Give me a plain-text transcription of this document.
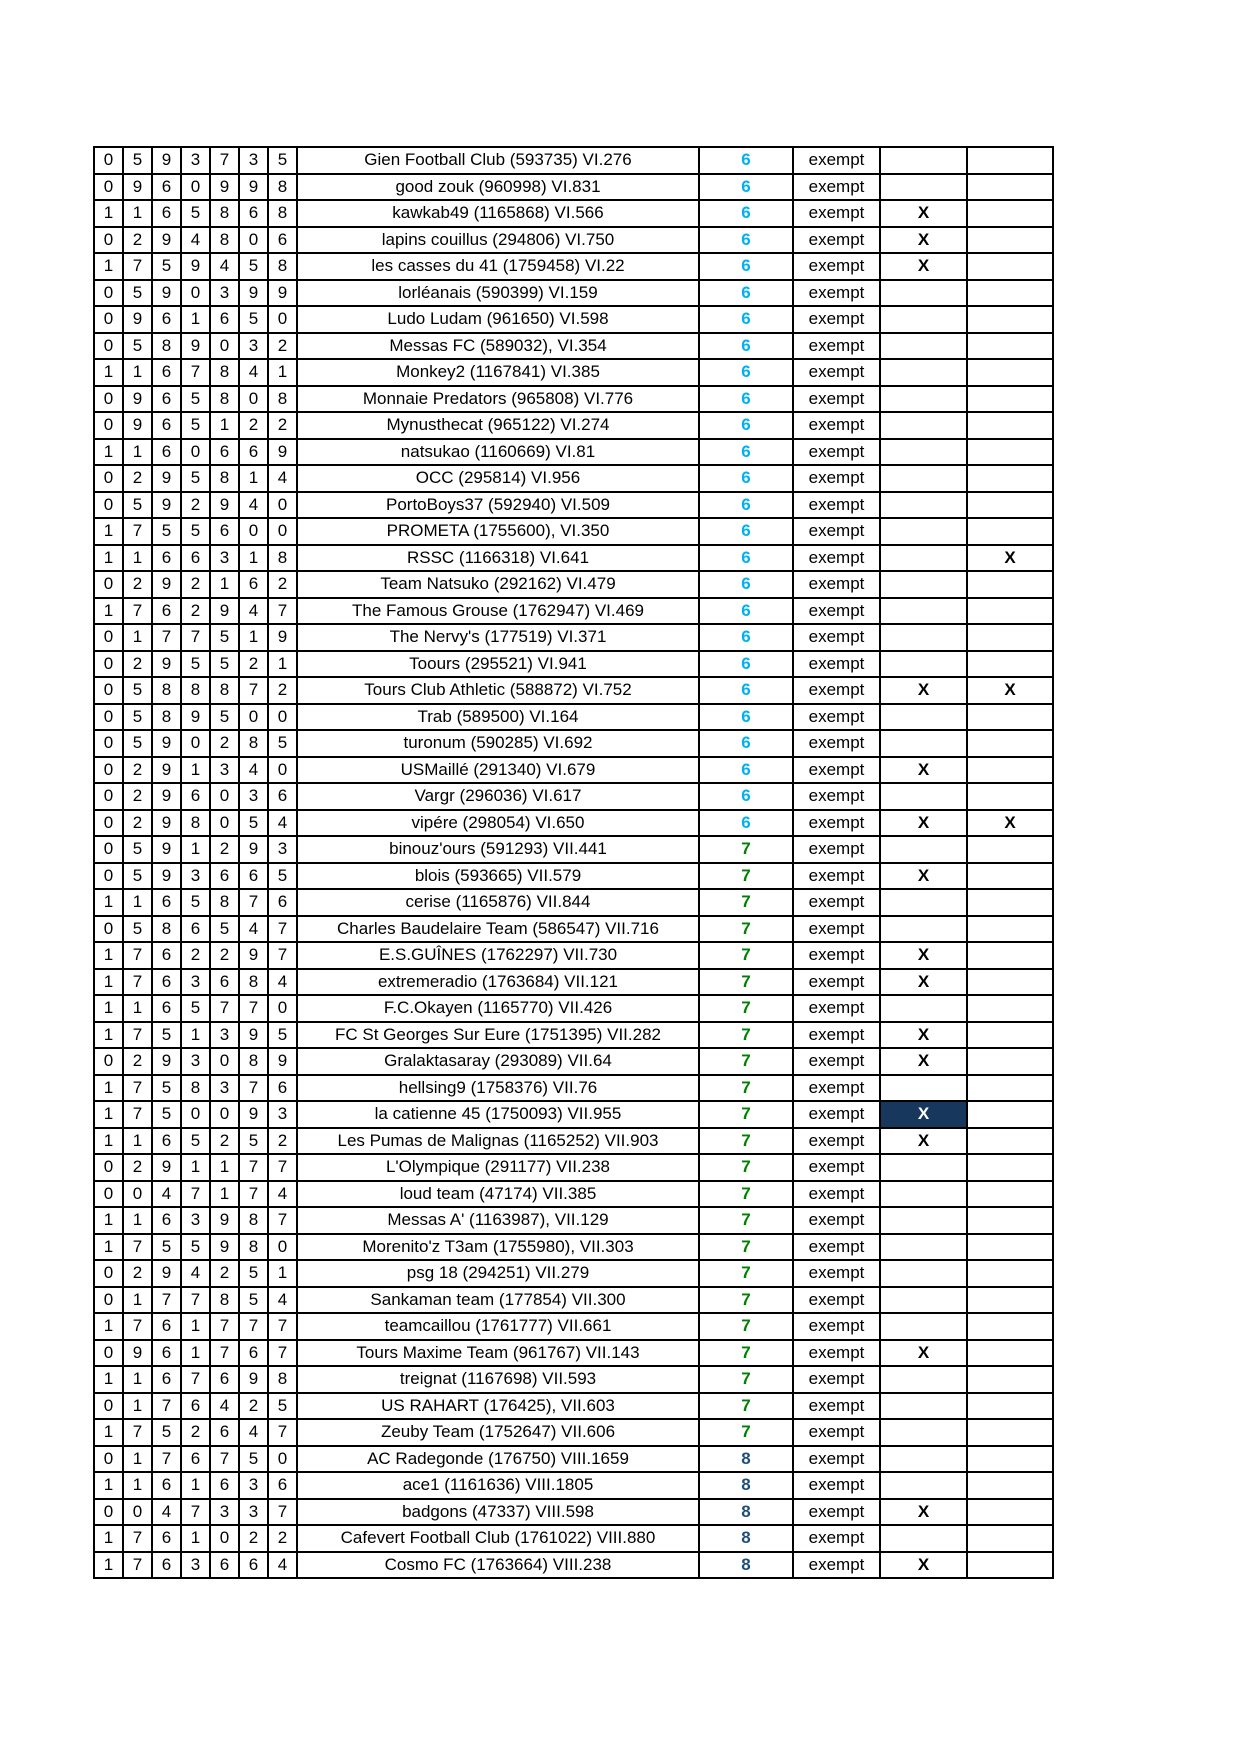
0	5	9	3	7	3	5	Gien Football Club (593735) VI.276	6	exempt		
0	9	6	0	9	9	8	good zouk (960998) VI.831	6	exempt		
1	1	6	5	8	6	8	kawkab49 (1165868) VI.566	6	exempt	X	
0	2	9	4	8	0	6	lapins couillus (294806) VI.750	6	exempt	X	
1	7	5	9	4	5	8	les casses du 41 (1759458) VI.22	6	exempt	X	
0	5	9	0	3	9	9	lorléanais (590399) VI.159	6	exempt		
0	9	6	1	6	5	0	Ludo Ludam (961650) VI.598	6	exempt		
0	5	8	9	0	3	2	Messas FC (589032), VI.354	6	exempt		
1	1	6	7	8	4	1	Monkey2 (1167841) VI.385	6	exempt		
0	9	6	5	8	0	8	Monnaie Predators (965808) VI.776	6	exempt		
0	9	6	5	1	2	2	Mynusthecat (965122) VI.274	6	exempt		
1	1	6	0	6	6	9	natsukao (1160669) VI.81	6	exempt		
0	2	9	5	8	1	4	OCC (295814) VI.956	6	exempt		
0	5	9	2	9	4	0	PortoBoys37 (592940) VI.509	6	exempt		
1	7	5	5	6	0	0	PROMETA (1755600), VI.350	6	exempt		
1	1	6	6	3	1	8	RSSC (1166318) VI.641	6	exempt		X
0	2	9	2	1	6	2	Team Natsuko (292162) VI.479	6	exempt		
1	7	6	2	9	4	7	The Famous Grouse (1762947) VI.469	6	exempt		
0	1	7	7	5	1	9	The Nervy's (177519) VI.371	6	exempt		
0	2	9	5	5	2	1	Toours (295521) VI.941	6	exempt		
0	5	8	8	8	7	2	Tours Club Athletic (588872) VI.752	6	exempt	X	X
0	5	8	9	5	0	0	Trab (589500) VI.164	6	exempt		
0	5	9	0	2	8	5	turonum (590285) VI.692	6	exempt		
0	2	9	1	3	4	0	USMaillé (291340) VI.679	6	exempt	X	
0	2	9	6	0	3	6	Vargr (296036) VI.617	6	exempt		
0	2	9	8	0	5	4	vipére (298054) VI.650	6	exempt	X	X
0	5	9	1	2	9	3	binouz'ours (591293) VII.441	7	exempt		
0	5	9	3	6	6	5	blois (593665) VII.579	7	exempt	X	
1	1	6	5	8	7	6	cerise (1165876) VII.844	7	exempt		
0	5	8	6	5	4	7	Charles Baudelaire Team (586547) VII.716	7	exempt		
1	7	6	2	2	9	7	E.S.GUÎNES (1762297) VII.730	7	exempt	X	
1	7	6	3	6	8	4	extremeradio (1763684) VII.121	7	exempt	X	
1	1	6	5	7	7	0	F.C.Okayen (1165770) VII.426	7	exempt		
1	7	5	1	3	9	5	FC St Georges Sur Eure (1751395) VII.282	7	exempt	X	
0	2	9	3	0	8	9	Gralaktasaray (293089) VII.64	7	exempt	X	
1	7	5	8	3	7	6	hellsing9 (1758376) VII.76	7	exempt		
1	7	5	0	0	9	3	la catienne 45 (1750093) VII.955	7	exempt	X	
1	1	6	5	2	5	2	Les Pumas de Malignas (1165252) VII.903	7	exempt	X	
0	2	9	1	1	7	7	L'Olympique (291177) VII.238	7	exempt		
0	0	4	7	1	7	4	loud team (47174) VII.385	7	exempt		
1	1	6	3	9	8	7	Messas A' (1163987), VII.129	7	exempt		
1	7	5	5	9	8	0	Morenito'z T3am (1755980), VII.303	7	exempt		
0	2	9	4	2	5	1	psg 18 (294251) VII.279	7	exempt		
0	1	7	7	8	5	4	Sankaman team (177854) VII.300	7	exempt		
1	7	6	1	7	7	7	teamcaillou (1761777) VII.661	7	exempt		
0	9	6	1	7	6	7	Tours Maxime Team (961767) VII.143	7	exempt	X	
1	1	6	7	6	9	8	treignat (1167698) VII.593	7	exempt		
0	1	7	6	4	2	5	US RAHART (176425), VII.603	7	exempt		
1	7	5	2	6	4	7	Zeuby Team (1752647) VII.606	7	exempt		
0	1	7	6	7	5	0	AC Radegonde (176750) VIII.1659	8	exempt		
1	1	6	1	6	3	6	ace1 (1161636) VIII.1805	8	exempt		
0	0	4	7	3	3	7	badgons (47337) VIII.598	8	exempt	X	
1	7	6	1	0	2	2	Cafevert Football Club (1761022) VIII.880	8	exempt		
1	7	6	3	6	6	4	Cosmo FC (1763664) VIII.238	8	exempt	X	
